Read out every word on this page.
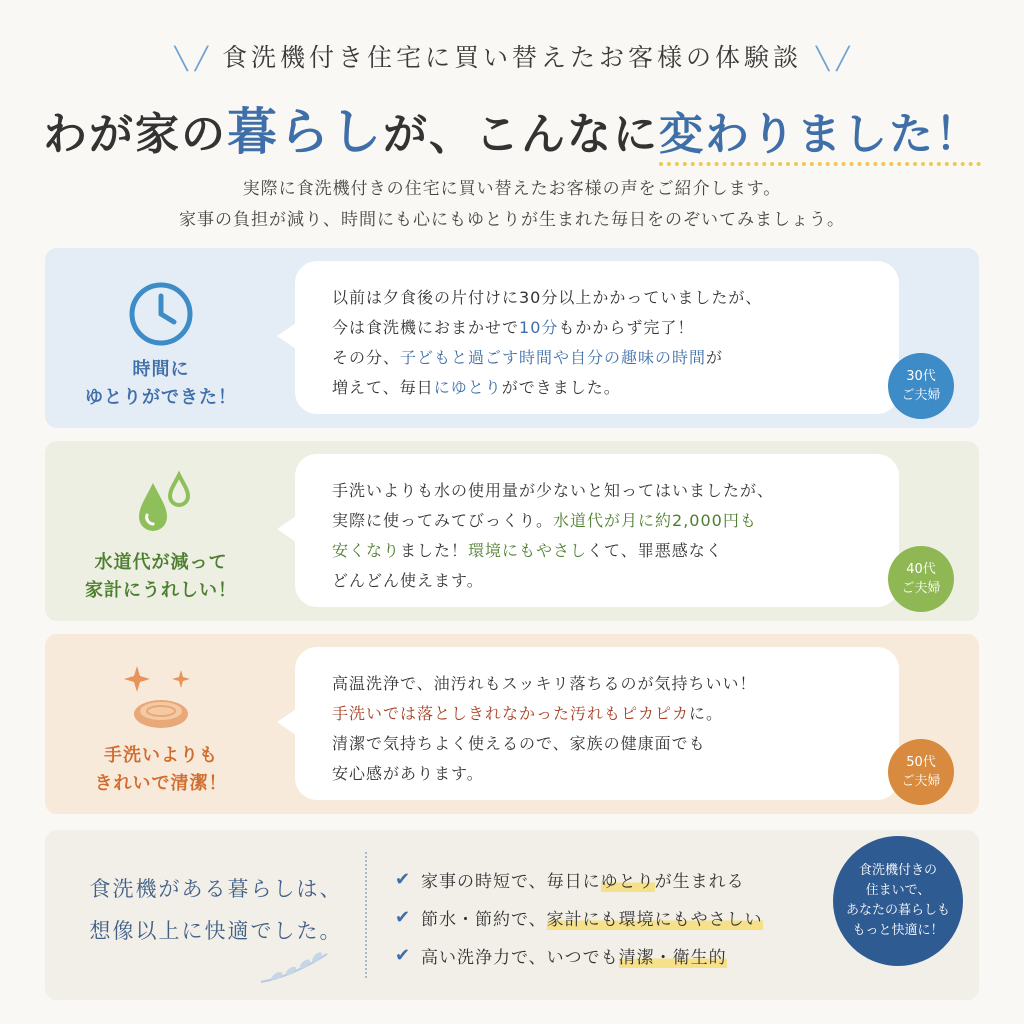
╲ ╱ 食洗機付き住宅に買い替えたお客様の体験談 ╲ ╱
わが家の暮らしが、こんなに変わりました！
実際に食洗機付きの住宅に買い替えたお客様の声をご紹介します。
家事の負担が減り、時間にも心にもゆとりが生まれた毎日をのぞいてみましょう。
時間に
ゆとりができた！
以前は夕食後の片付けに30分以上かかっていましたが、
今は食洗機におまかせで10分もかからず完了！
その分、子どもと過ごす時間や自分の趣味の時間が
増えて、毎日にゆとりができました。
30代
ご夫婦
水道代が減って
家計にうれしい！
手洗いよりも水の使用量が少ないと知ってはいましたが、
実際に使ってみてびっくり。水道代が月に約2,000円も
安くなりました！環境にもやさしくて、罪悪感なく
どんどん使えます。
40代
ご夫婦
手洗いよりも
きれいで清潔！
高温洗浄で、油汚れもスッキリ落ちるのが気持ちいい！
手洗いでは落としきれなかった汚れもピカピカに。
清潔で気持ちよく使えるので、家族の健康面でも
安心感があります。
50代
ご夫婦
食洗機がある暮らしは、
想像以上に快適でした。
✔ 家事の時短で、毎日に ゆとり が生まれる
✔ 節水・節約で、 家計にも環境にもやさしい
✔ 高い洗浄力で、いつでも 清潔・衛生的
食洗機付きの
住まいで、
あなたの暮らしも
もっと快適に！
